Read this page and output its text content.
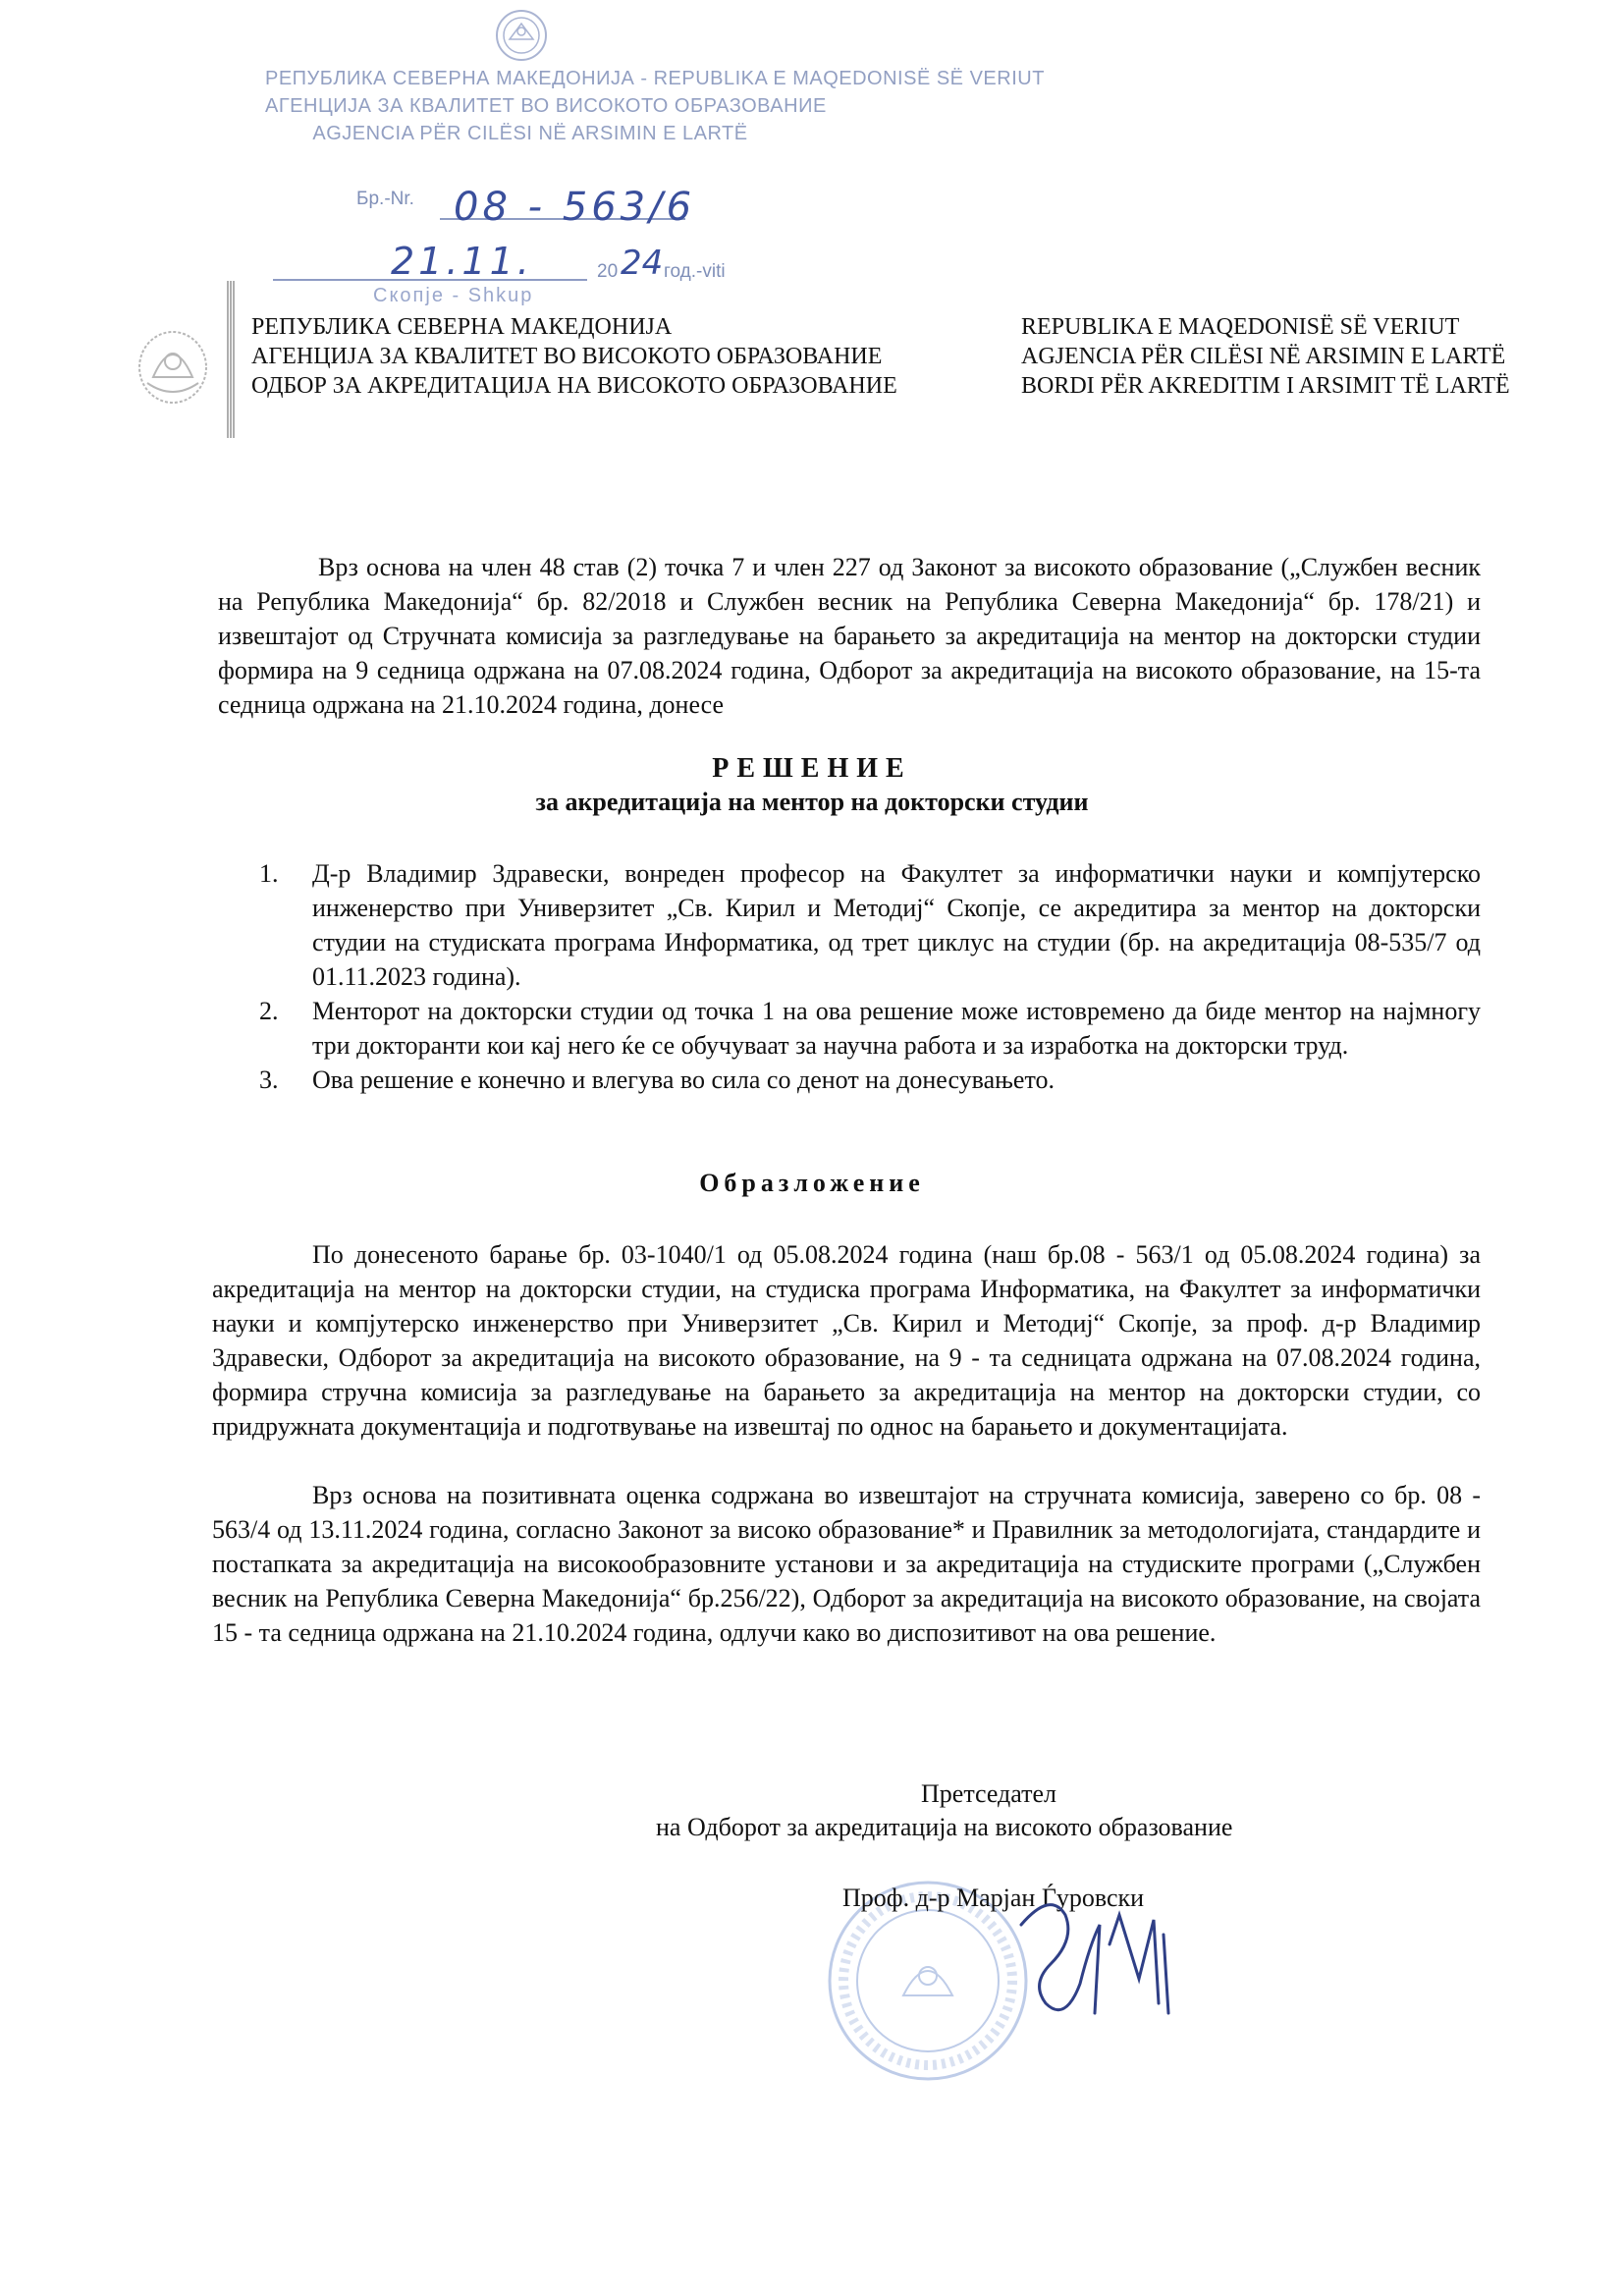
РЕПУБЛИКА СЕВЕРНА МАКЕДОНИЈА - REPUBLIKA E MAQEDONISË SË VERIUT
АГЕНЦИЈА ЗА КВАЛИТЕТ ВО ВИСОКОТО ОБРАЗОВАНИЕ
AGJENCIA PËR CILËSI NË ARSIMIN E LARTË
Бр.-Nr. 08 - 563/6
21.11.	20 24 год.-viti
Скопје - Shkup
РЕПУБЛИКА СЕВЕРНА МАКЕДОНИЈА
АГЕНЦИЈА ЗА КВАЛИТЕТ ВО ВИСОКОТО ОБРАЗОВАНИЕ
ОДБОР ЗА АКРЕДИТАЦИЈА НА ВИСОКОТО ОБРАЗОВАНИЕ
REPUBLIKA E MAQEDONISË SË VERIUT
AGJENCIA PËR CILËSI NË ARSIMIN E LARTË
BORDI PËR AKREDITIM I ARSIMIT TË LARTË
Врз основа на член 48 став (2) точка 7 и член 227 од Законот за високото образование („Службен весник на Република Македонија“ бр. 82/2018 и Службен весник на Република Северна Македонија“ бр. 178/21) и извештајот од Стручната комисија за разгледување на барањето за акредитација на ментор на докторски студии формира на 9 седница одржана на 07.08.2024 година, Одборот за акредитација на високото образование, на 15-та седница одржана на 21.10.2024 година, донесе
РЕШЕНИЕ
за акредитација на ментор на докторски студии
1. Д-р Владимир Здравески, вонреден професор на Факултет за информатички науки и компјутерско инженерство при Универзитет „Св. Кирил и Методиј“ Скопје, се акредитира за ментор на докторски студии на студиската програма Информатика, од трет циклус на студии (бр. на акредитација 08-535/7 од 01.11.2023 година).
2. Менторот на докторски студии од точка 1 на ова решение може истовремено да биде ментор на најмногу три докторанти кои кај него ќе се обучуваат за научна работа и за изработка на докторски труд.
3. Ова решение е конечно и влегува во сила со денот на донесувањето.
Образложение
По донесеното барање бр. 03-1040/1 од 05.08.2024 година (наш бр.08 - 563/1 од 05.08.2024 година) за акредитација на ментор на докторски студии, на студиска програма Информатика, на Факултет за информатички науки и компјутерско инженерство при Универзитет „Св. Кирил и Методиј“ Скопје, за проф. д-р Владимир Здравески, Одборот за акредитација на високото образование, на 9 - та седницата одржана на 07.08.2024 година, формира стручна комисија за разгледување на барањето за акредитација на ментор на докторски студии, со придружната документација и подготвување на извештај по однос на барањето и документацијата.
Врз основа на позитивната оценка содржана во извештајот на стручната комисија, заверено со бр. 08 - 563/4 од 13.11.2024 година, согласно Законот за високо образование* и Правилник за методологијата, стандардите и постапката за акредитација на високообразовните установи и за акредитација на студиските програми („Службен весник на Република Северна Македонија“ бр.256/22), Одборот за акредитација на високото образование, на својата 15 - та седница одржана на 21.10.2024 година, одлучи како во диспозитивот на ова решение.
Претседател
на Одборот за акредитација на високото образование
Проф. д-р Марјан Ѓуровски
